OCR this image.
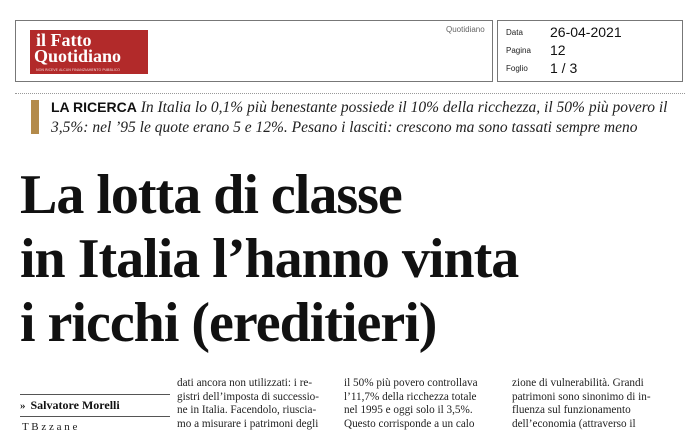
il Fatto
Quotidiano
NON RICEVE ALCUN FINANZIAMENTO PUBBLICO
Quotidiano	Data 26-04-2021
Pagina 12
Foglio 1 / 3
LA RICERCA In Italia lo 0,1% più benestante possiede il 10% della ricchezza, il 50% più povero il 3,5%: nel ’95 le quote erano 5 e 12%. Pesano i lasciti: crescono ma sono tassati sempre meno
La lotta di classe
in Italia l’hanno vinta
i ricchi (ereditieri)
» Salvatore Morelli
T B z z a n e
dati ancora non utilizzati: i re-
gistri dell’imposta di successio-
ne in Italia. Facendolo, riuscia-
mo a misurare i patrimoni degli
il 50% più povero controllava
l’11,7% della ricchezza totale
nel 1995 e oggi solo il 3,5%.
Questo corrisponde a un calo
zione di vulnerabilità. Grandi
patrimoni sono sinonimo di in-
fluenza sul funzionamento
dell’economia (attraverso il
